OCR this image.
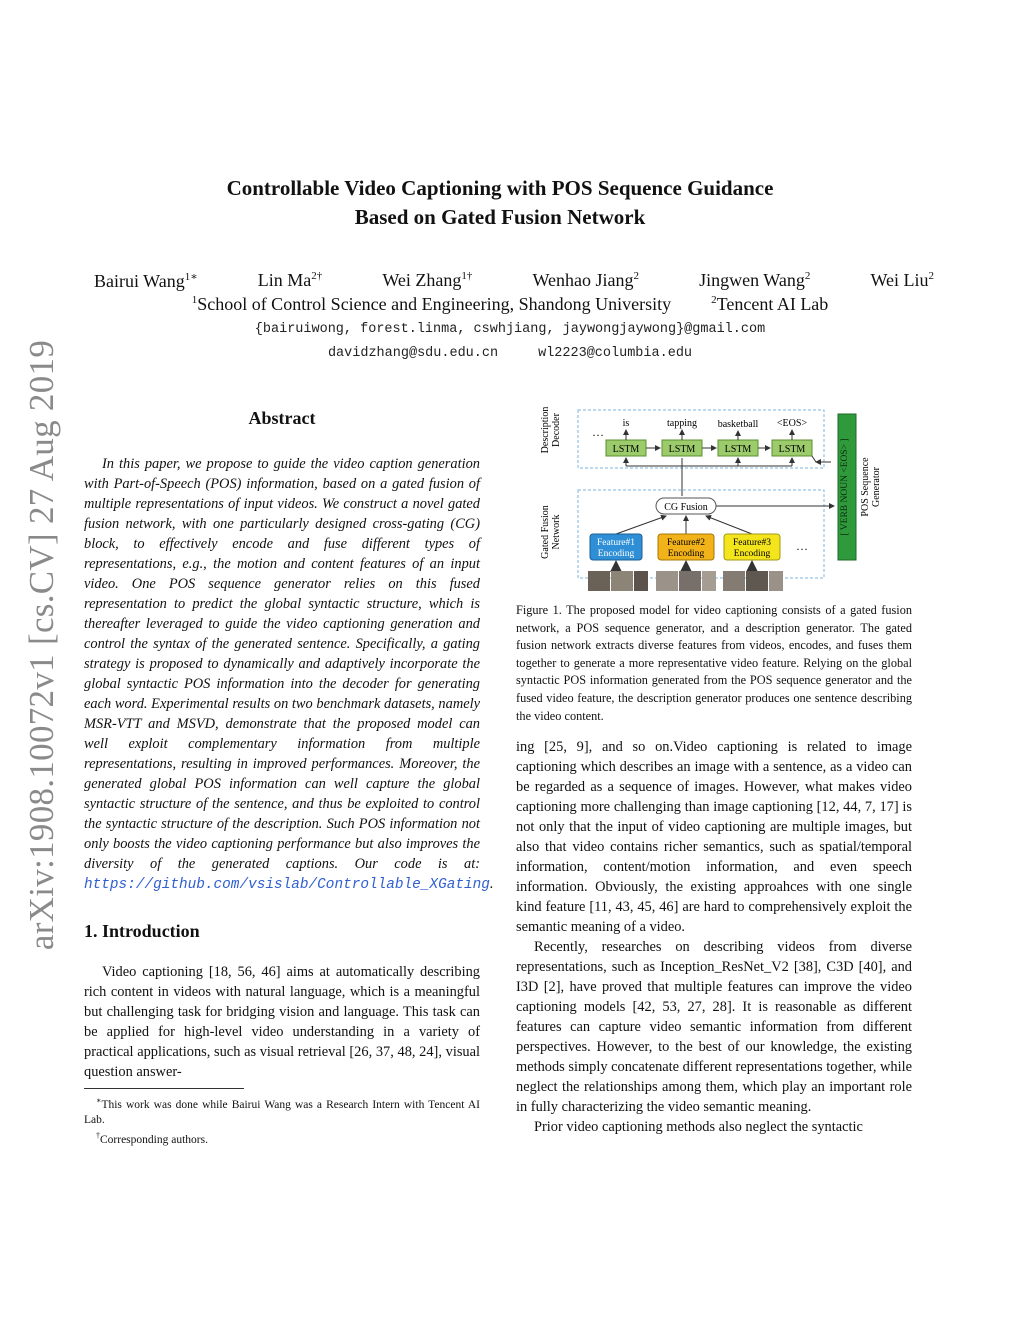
arXiv:1908.10072v1 [cs.CV] 27 Aug 2019
Controllable Video Captioning with POS Sequence Guidance
Based on Gated Fusion Network
Bairui Wang$^{1∗}$	Lin $Ma^{2\dagger}$	Wei Zhang$^{1\dagger}$	Wenhao Jiang$^2$	Jingwen Wang$^2$	Wei Liu$^2$
$^1$School of Control Science and Engineering, Shandong University	$^2$Tencent AI Lab
{bairuiwong, forest.linma, cswhjiang, jaywongjaywong}@gmail.com
davidzhang@sdu.edu.cn	wl2223@columbia.edu
Abstract

In this paper, we propose to guide the video caption generation with Part-of-Speech (POS) information, based on a gated fusion of multiple representations of input videos. We construct a novel gated fusion network, with one particularly designed cross-gating (CG) block, to effectively encode and fuse different types of representations, e.g., the motion and content features of an input video. One POS sequence generator relies on this fused representation to predict the global syntactic structure, which is thereafter leveraged to guide the video captioning generation and control the syntax of the generated sentence. Specifically, a gating strategy is proposed to dynamically and adaptively incorporate the global syntactic POS information into the decoder for generating each word. Experimental results on two benchmark datasets, namely MSR-VTT and MSVD, demonstrate that the proposed model can well exploit complementary information from multiple representations, resulting in improved performances. Moreover, the generated global POS information can well capture the global syntactic structure of the sentence, and thus be exploited to control the syntactic structure of the description. Such POS information not only boosts the video captioning performance but also improves the diversity of the generated captions. Our code is at: https://github.com/vsislab/Controllable_XGating.

1. Introduction

Video captioning [18, 56, 46] aims at automatically describing rich content in videos with natural language, which is a meaningful but challenging task for bridging vision and language. This task can be applied for high-level video understanding in a variety of practical applications, such as visual retrieval [26, 37, 48, 24], visual question answer-

∗This work was done while Bairui Wang was a Research Intern with Tencent AI Lab.

†Corresponding authors.

DescriptionDecoder
Gated FusionNetwork
…
is	tapping basketball <EOS>
LSTM	LSTM	LSTM	LSTM
CG Fusion
Feature#1 Encoding
Feature#2 Encoding
Feature#3 Encoding
…
[ VERB NOUN <EOS> ] POS SequenceGenerator

Figure 1. The proposed model for video captioning consists of a gated fusion network, a POS sequence generator, and a description generator. The gated fusion network extracts diverse features from videos, encodes, and fuses them together to generate a more representative video feature. Relying on the global syntactic POS information generated from the POS sequence generator and the fused video feature, the description generator produces one sentence describing the video content.

ing [25, 9], and so on.Video captioning is related to image captioning which describes an image with a sentence, as a video can be regarded as a sequence of images. However, what makes video captioning more challenging than image captioning [12, 44, 7, 17] is not only that the input of video captioning are multiple images, but also that video contains richer semantics, such as spatial/temporal information, content/motion information, and even speech information. Obviously, the existing approahces with one single kind feature [11, 43, 45, 46] are hard to comprehensively exploit the semantic meaning of a video.

Recently, researches on describing videos from diverse representations, such as Inception_ResNet_V2 [38], C3D [40], and I3D [2], have proved that multiple features can improve the video captioning models [42, 53, 27, 28]. It is reasonable as different features can capture video semantic information from different perspectives. However, to the best of our knowledge, the existing methods simply concatenate different representations together, while neglect the relationships among them, which play an important role in fully characterizing the video semantic meaning.

Prior video captioning methods also neglect the syntactic
